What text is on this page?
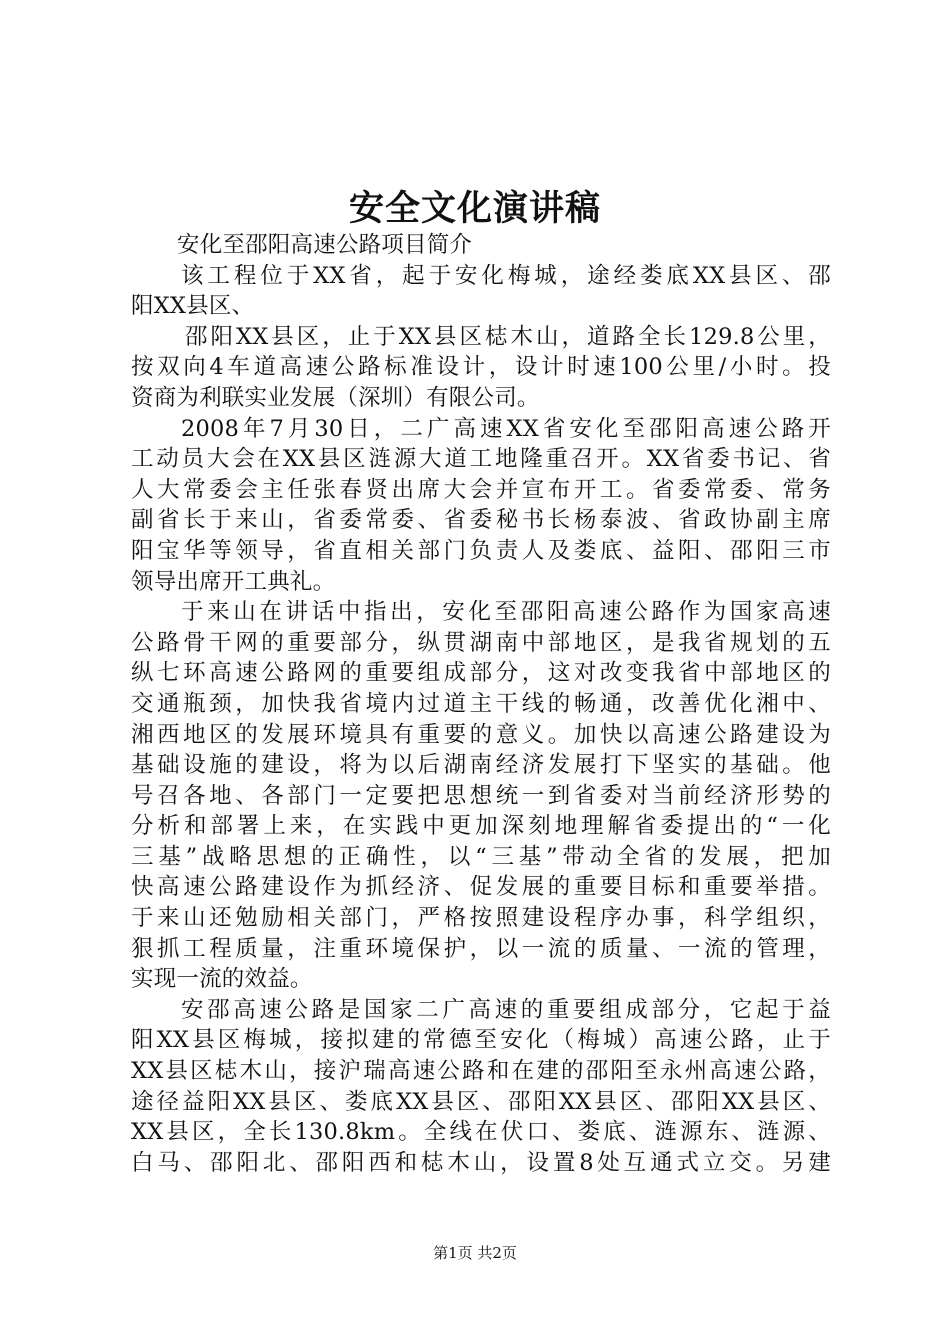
安全文化演讲稿
安化至邵阳高速公路项目简介
该工程位于XX省，起于安化梅城，途经娄底XX县区、邵
阳XX县区、
邵阳XX县区，止于XX县区梽木山，道路全长129.8公里，
按双向4车道高速公路标准设计，设计时速100公里/小时。投
资商为利联实业发展（深圳）有限公司。
2008年7月30日，二广高速XX省安化至邵阳高速公路开
工动员大会在XX县区涟源大道工地隆重召开。XX省委书记、省
人大常委会主任张春贤出席大会并宣布开工。省委常委、常务
副省长于来山，省委常委、省委秘书长杨泰波、省政协副主席
阳宝华等领导，省直相关部门负责人及娄底、益阳、邵阳三市
领导出席开工典礼。
于来山在讲话中指出，安化至邵阳高速公路作为国家高速
公路骨干网的重要部分，纵贯湖南中部地区，是我省规划的五
纵七环高速公路网的重要组成部分，这对改变我省中部地区的
交通瓶颈，加快我省境内过道主干线的畅通，改善优化湘中、
湘西地区的发展环境具有重要的意义。加快以高速公路建设为
基础设施的建设，将为以后湖南经济发展打下坚实的基础。他
号召各地、各部门一定要把思想统一到省委对当前经济形势的
分析和部署上来，在实践中更加深刻地理解省委提出的“一化
三基”战略思想的正确性，以“三基”带动全省的发展，把加
快高速公路建设作为抓经济、促发展的重要目标和重要举措。
于来山还勉励相关部门，严格按照建设程序办事，科学组织，
狠抓工程质量，注重环境保护，以一流的质量、一流的管理，
实现一流的效益。
安邵高速公路是国家二广高速的重要组成部分，它起于益
阳XX县区梅城，接拟建的常德至安化（梅城）高速公路，止于
XX县区梽木山，接沪瑞高速公路和在建的邵阳至永州高速公路，
途径益阳XX县区、娄底XX县区、邵阳XX县区、邵阳XX县区、
XX县区，全长130.8km。全线在伏口、娄底、涟源东、涟源、
白马、邵阳北、邵阳西和梽木山，设置8处互通式立交。另建
第1页 共2页
